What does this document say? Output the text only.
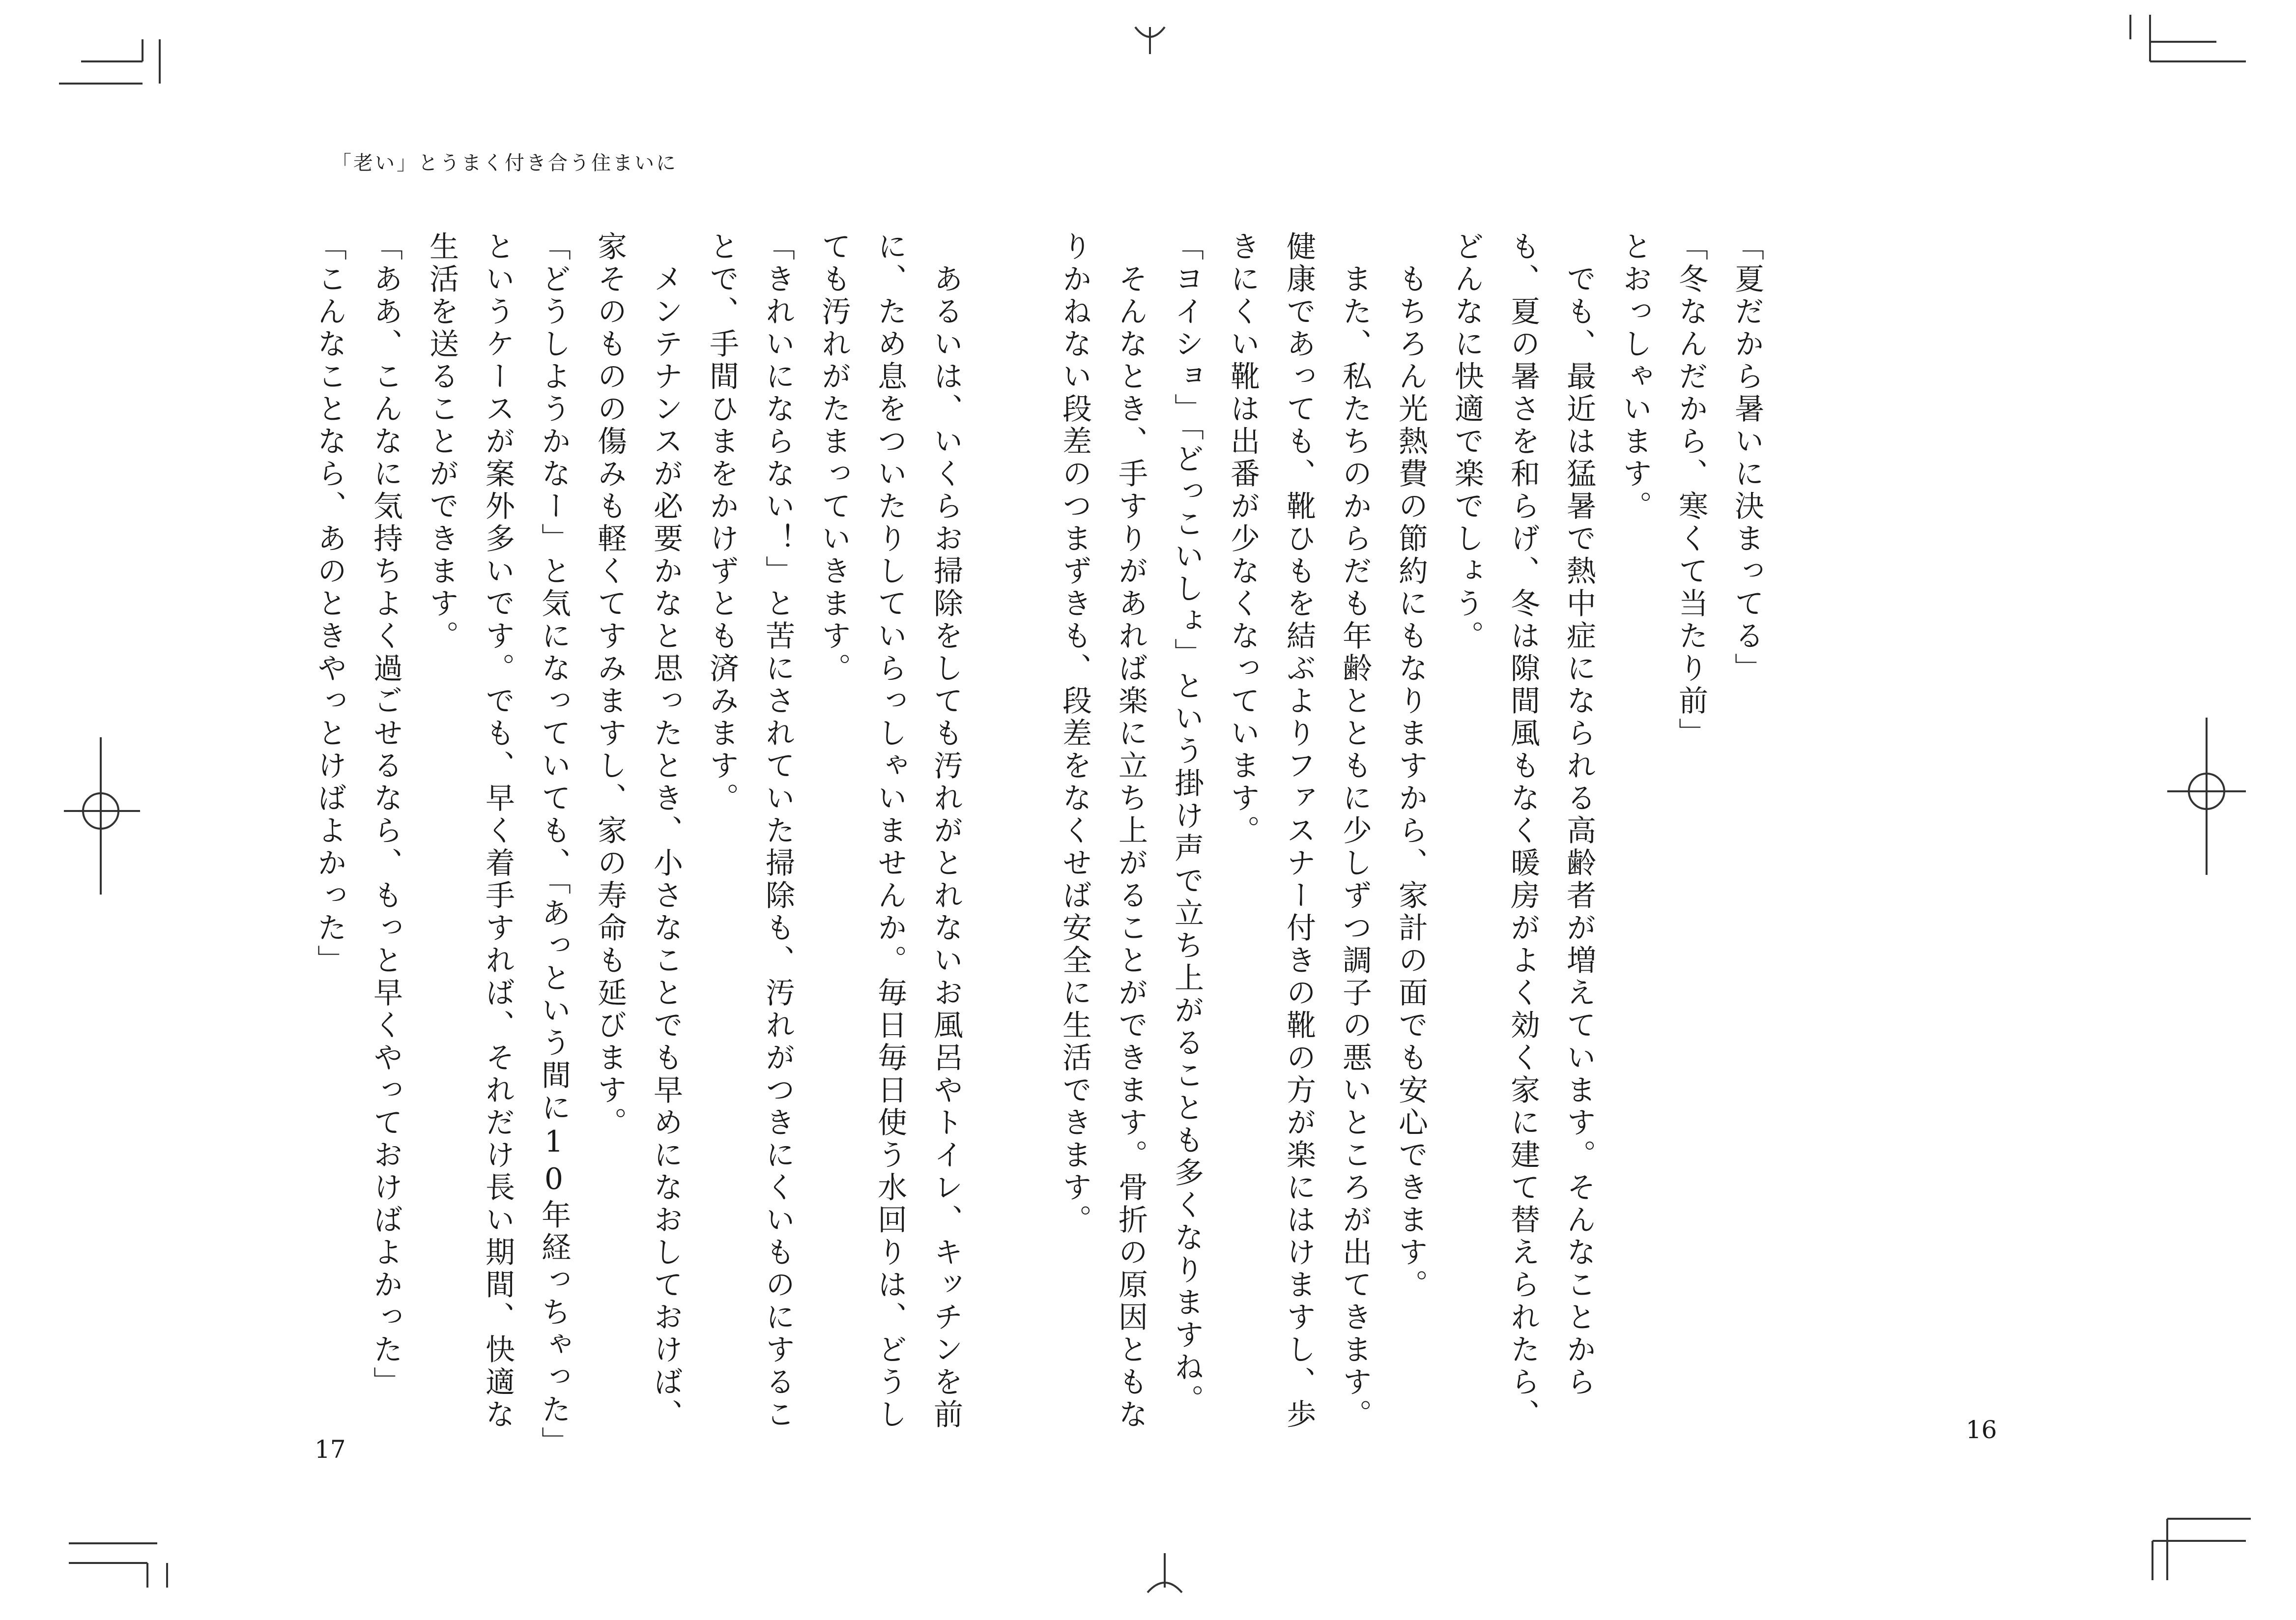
「老い」とうまく付き合う住まいに
「夏だから暑いに決まってる」
「冬なんだから、寒くて当たり前」
とおっしゃいます。
　でも、最近は猛暑で熱中症になられる高齢者が増えています。そんなことから
も、夏の暑さを和らげ、冬は隙間風もなく暖房がよく効く家に建て替えられたら、
どんなに快適で楽でしょう。
　もちろん光熱費の節約にもなりますから、家計の面でも安心できます。
　また、私たちのからだも年齢とともに少しずつ調子の悪いところが出てきます。
健康であっても、靴ひもを結ぶよりファスナー付きの靴の方が楽にはけますし、歩
きにくい靴は出番が少なくなっています。
「ヨイショ」「どっこいしょ」という掛け声で立ち上がることも多くなりますね。
　そんなとき、手すりがあれば楽に立ち上がることができます。骨折の原因ともな
りかねない段差のつまずきも、段差をなくせば安全に生活できます。
　あるいは、いくらお掃除をしても汚れがとれないお風呂やトイレ、キッチンを前
に、ため息をついたりしていらっしゃいませんか。毎日毎日使う水回りは、どうし
ても汚れがたまっていきます。
「きれいにならない！」と苦にされていた掃除も、汚れがつきにくいものにするこ
とで、手間ひまをかけずとも済みます。
　メンテナンスが必要かなと思ったとき、小さなことでも早めになおしておけば、
家そのものの傷みも軽くてすみますし、家の寿命も延びます。
「どうしようかなー」と気になっていても、「あっという間に10年経っちゃった」
というケースが案外多いです。でも、早く着手すれば、それだけ長い期間、快適な
生活を送ることができます。
「ああ、こんなに気持ちよく過ごせるなら、もっと早くやっておけばよかった」
「こんなことなら、あのときやっとけばよかった」
17
16
